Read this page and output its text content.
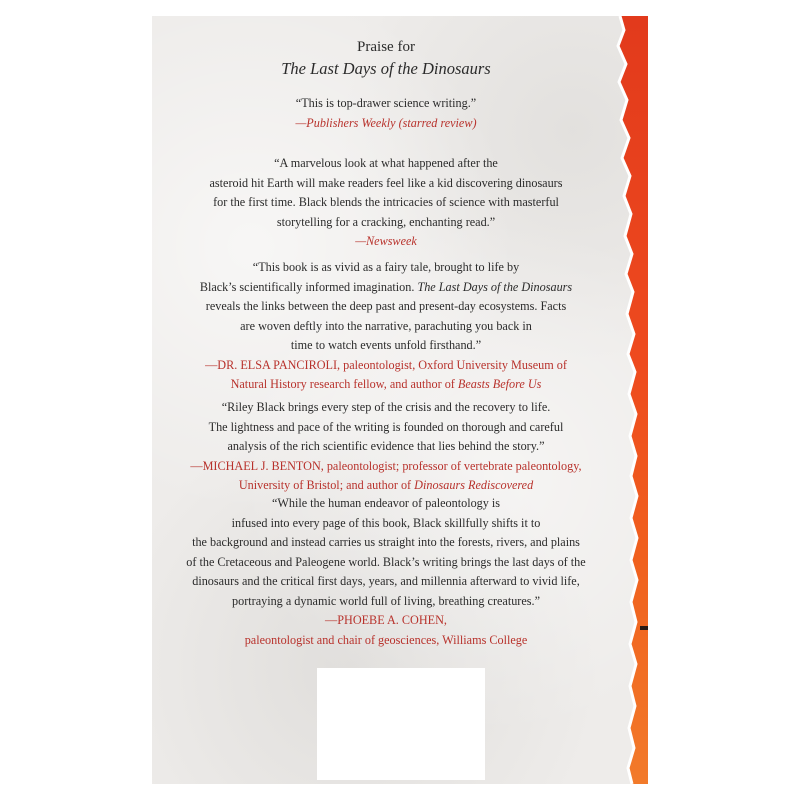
Praise for
The Last Days of the Dinosaurs

“This is top-drawer science writing.”

—Publishers Weekly (starred review)

“A marvelous look at what happened after the

asteroid hit Earth will make readers feel like a kid discovering dinosaurs

for the first time. Black blends the intricacies of science with masterful

storytelling for a cracking, enchanting read.”

—Newsweek

“This book is as vivid as a fairy tale, brought to life by

Black’s scientifically informed imagination. The Last Days of the Dinosaurs

reveals the links between the deep past and present-day ecosystems. Facts

are woven deftly into the narrative, parachuting you back in

time to watch events unfold firsthand.”

—DR. ELSA PANCIROLI, paleontologist, Oxford University Museum of

Natural History research fellow, and author of Beasts Before Us

“Riley Black brings every step of the crisis and the recovery to life.

The lightness and pace of the writing is founded on thorough and careful

analysis of the rich scientific evidence that lies behind the story.”

—MICHAEL J. BENTON, paleontologist; professor of vertebrate paleontology,

University of Bristol; and author of Dinosaurs Rediscovered

“While the human endeavor of paleontology is

infused into every page of this book, Black skillfully shifts it to

the background and instead carries us straight into the forests, rivers, and plains

of the Cretaceous and Paleogene world. Black’s writing brings the last days of the

dinosaurs and the critical first days, years, and millennia afterward to vivid life,

portraying a dynamic world full of living, breathing creatures.”

—PHOEBE A. COHEN,

paleontologist and chair of geosciences, Williams College
